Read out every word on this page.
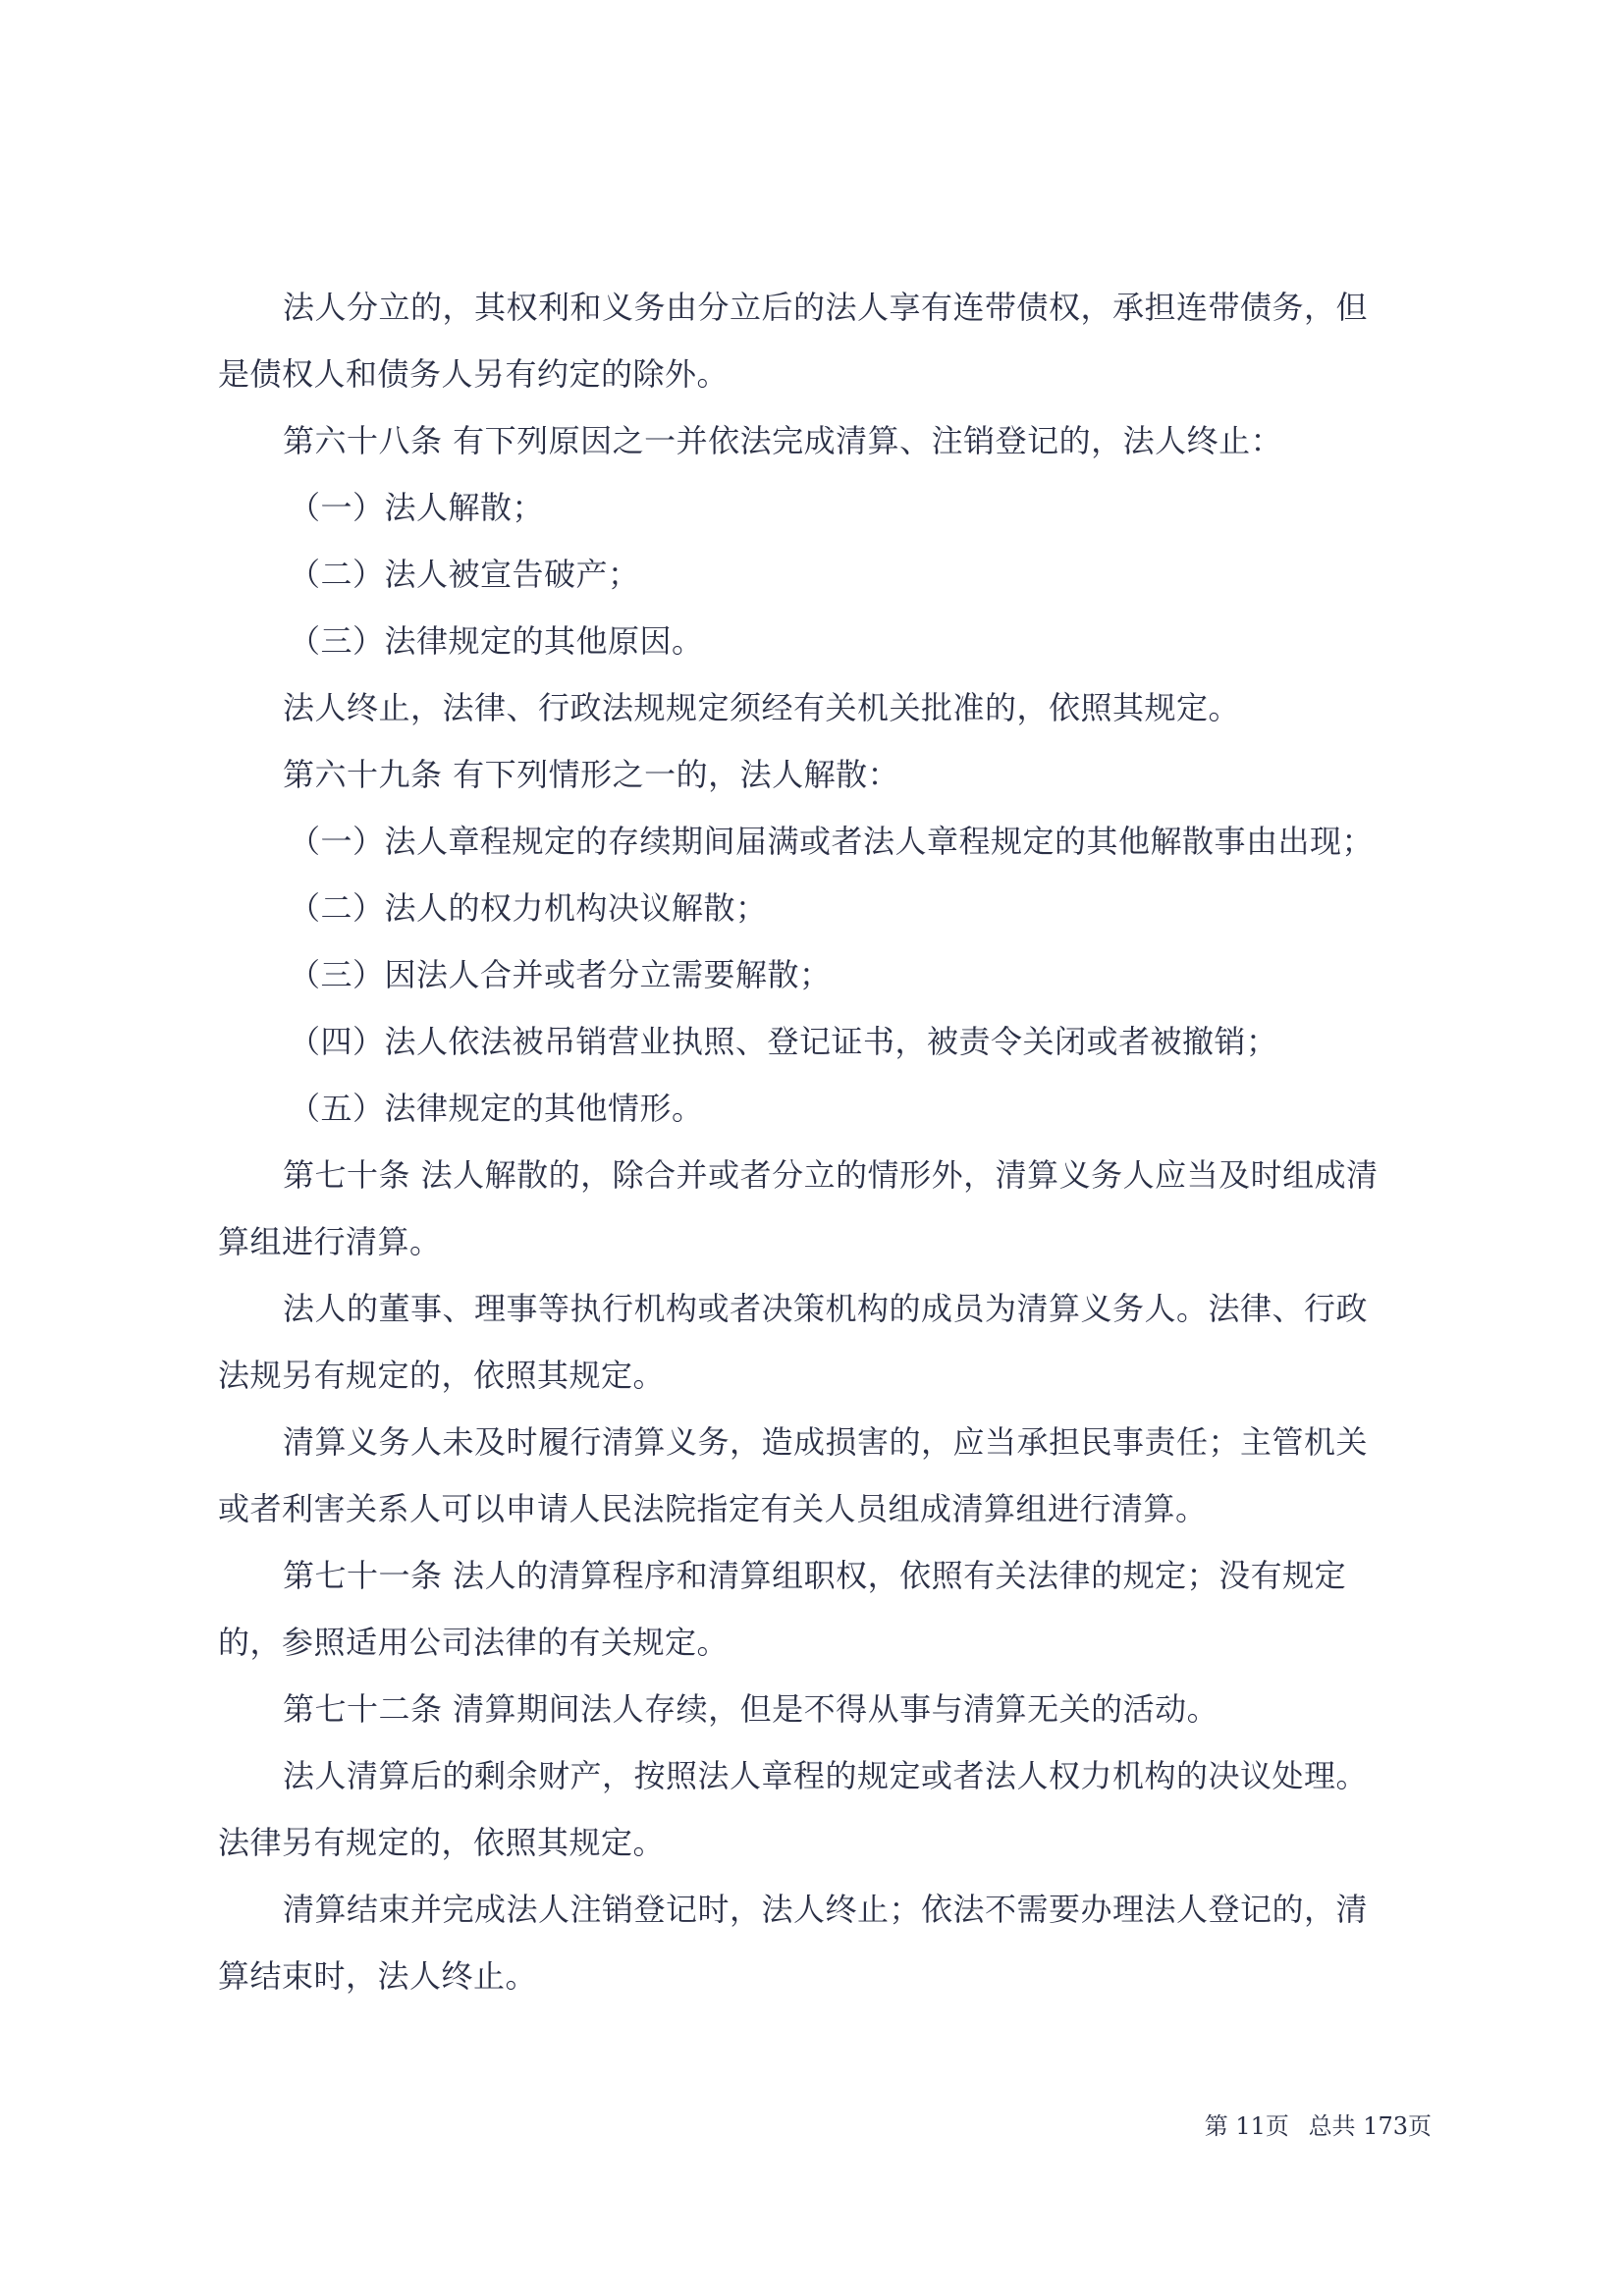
法人分立的，其权利和义务由分立后的法人享有连带债权，承担连带债务，但
是债权人和债务人另有约定的除外。
第六十八条 有下列原因之一并依法完成清算、注销登记的，法人终止：
（一）法人解散；
（二）法人被宣告破产；
（三）法律规定的其他原因。
法人终止，法律、行政法规规定须经有关机关批准的，依照其规定。
第六十九条 有下列情形之一的，法人解散：
（一）法人章程规定的存续期间届满或者法人章程规定的其他解散事由出现；
（二）法人的权力机构决议解散；
（三）因法人合并或者分立需要解散；
（四）法人依法被吊销营业执照、登记证书，被责令关闭或者被撤销；
（五）法律规定的其他情形。
第七十条 法人解散的，除合并或者分立的情形外，清算义务人应当及时组成清
算组进行清算。
法人的董事、理事等执行机构或者决策机构的成员为清算义务人。法律、行政
法规另有规定的，依照其规定。
清算义务人未及时履行清算义务，造成损害的，应当承担民事责任；主管机关
或者利害关系人可以申请人民法院指定有关人员组成清算组进行清算。
第七十一条 法人的清算程序和清算组职权，依照有关法律的规定；没有规定
的，参照适用公司法律的有关规定。
第七十二条 清算期间法人存续，但是不得从事与清算无关的活动。
法人清算后的剩余财产，按照法人章程的规定或者法人权力机构的决议处理。
法律另有规定的，依照其规定。
清算结束并完成法人注销登记时，法人终止；依法不需要办理法人登记的，清
算结束时，法人终止。
第 11页 总共 173页
